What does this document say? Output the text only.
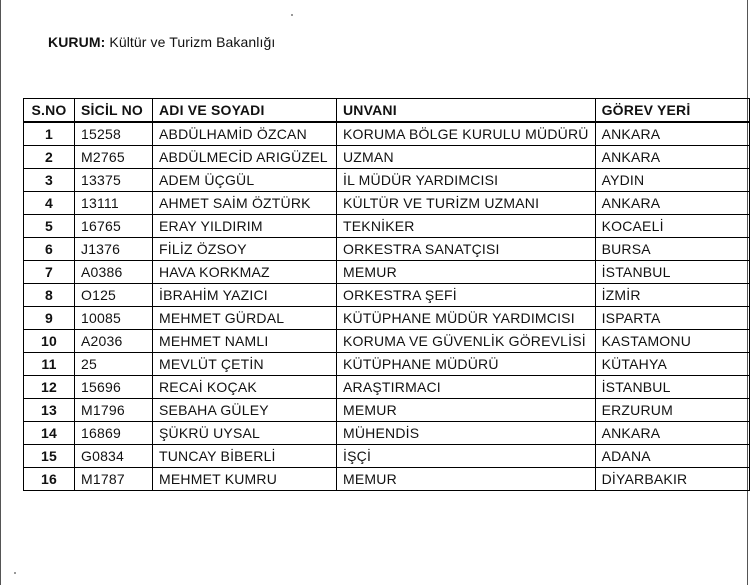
KURUM: Kültür ve Turizm Bakanlığı
S.NO	SİCİL NO	ADI VE SOYADI	UNVANI	GÖREV YERİ
1	15258	ABDÜLHAMİD ÖZCAN	KORUMA BÖLGE KURULU MÜDÜRÜ	ANKARA
2	M2765	ABDÜLMECİD ARIGÜZEL	UZMAN	ANKARA
3	13375	ADEM ÜÇGÜL	İL MÜDÜR YARDIMCISI	AYDIN
4	13111	AHMET SAİM ÖZTÜRK	KÜLTÜR VE TURİZM UZMANI	ANKARA
5	16765	ERAY YILDIRIM	TEKNİKER	KOCAELİ
6	J1376	FİLİZ ÖZSOY	ORKESTRA SANATÇISI	BURSA
7	A0386	HAVA KORKMAZ	MEMUR	İSTANBUL
8	O125	İBRAHİM YAZICI	ORKESTRA ŞEFİ	İZMİR
9	10085	MEHMET GÜRDAL	KÜTÜPHANE MÜDÜR YARDIMCISI	ISPARTA
10	A2036	MEHMET NAMLI	KORUMA VE GÜVENLİK GÖREVLİSİ	KASTAMONU
11	25	MEVLÜT ÇETİN	KÜTÜPHANE MÜDÜRÜ	KÜTAHYA
12	15696	RECAİ KOÇAK	ARAŞTIRMACI	İSTANBUL
13	M1796	SEBAHA GÜLEY	MEMUR	ERZURUM
14	16869	ŞÜKRÜ UYSAL	MÜHENDİS	ANKARA
15	G0834	TUNCAY BİBERLİ	İŞÇİ	ADANA
16	M1787	MEHMET KUMRU	MEMUR	DİYARBAKIR
